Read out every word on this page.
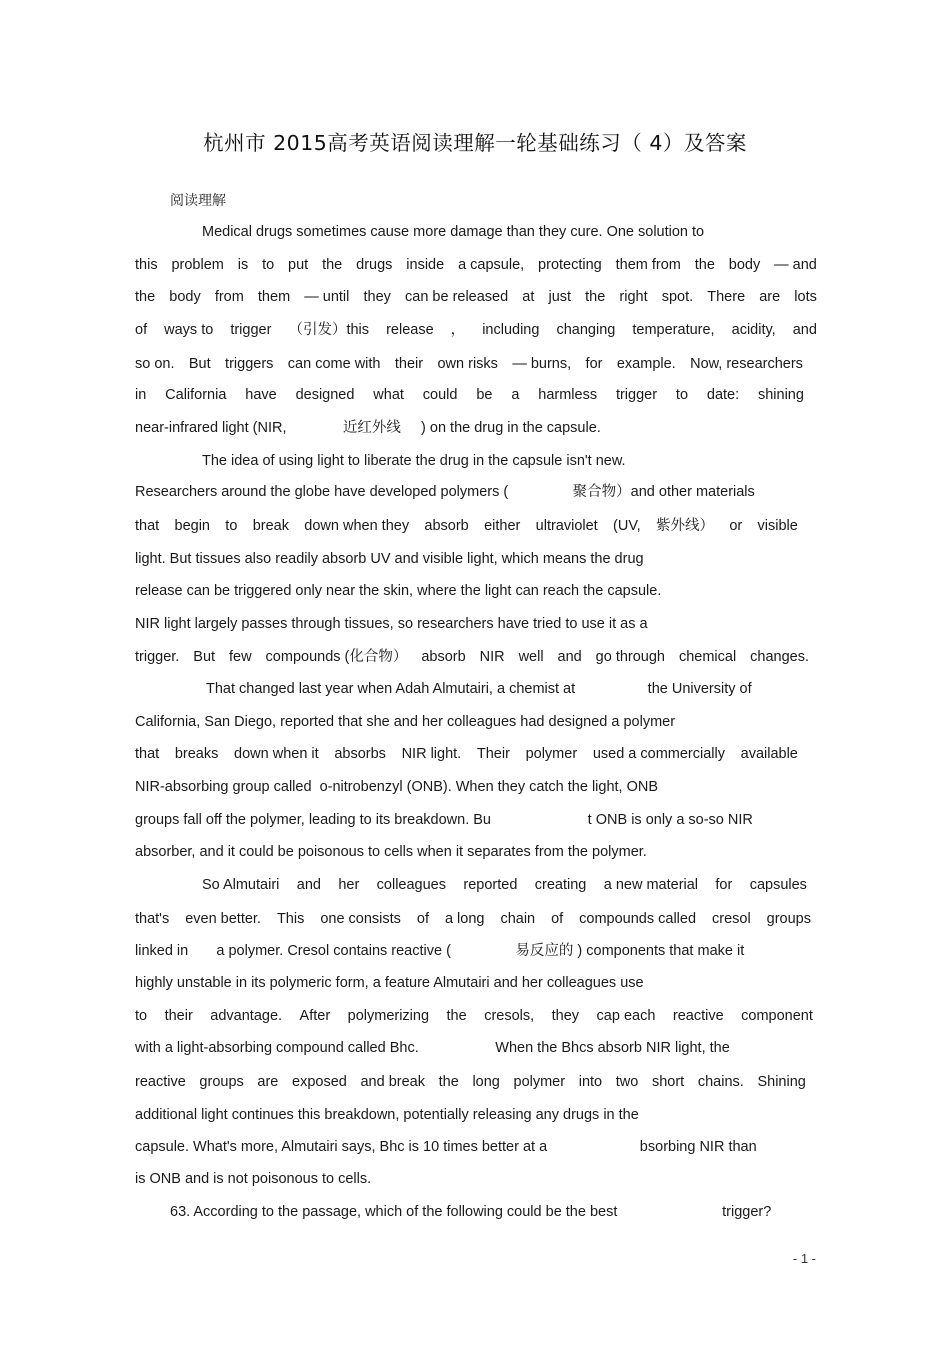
杭州市 2015高考英语阅读理解一轮基础练习（ 4）及答案
阅读理解
Medical drugs sometimes cause more damage than they cure. One solution to
this problem is to put the drugs inside a capsule, protecting them from the body — and
the body from them — until they can be released at just the right spot. There are lots
of ways to trigger （引发）this release ， including changing temperature, acidity, and
so on. But triggers can come with their own risks — burns, for example. Now, researchers
in California have designed what could be a harmless trigger to date: shining
near-infrared light (NIR,              近红外线     ) on the drug in the capsule.
The idea of using light to liberate the drug in the capsule isn't new.
Researchers around the globe have developed polymers (                聚合物）and other materials
that begin to break down when they absorb either ultraviolet (UV, 紫外线） or visible
light. But tissues also readily absorb UV and visible light, which means the drug
release can be triggered only near the skin, where the light can reach the capsule.
NIR light largely passes through tissues, so researchers have tried to use it as a
trigger. But few compounds (化合物） absorb NIR well and go through chemical changes.
That changed last year when Adah Almutairi, a chemist at                  the University of
California, San Diego, reported that she and her colleagues had designed a polymer
that breaks down when it absorbs NIR light. Their polymer used a commercially available
NIR-absorbing group called  o-nitrobenzyl (ONB). When they catch the light, ONB
groups fall off the polymer, leading to its breakdown. Bu                        t ONB is only a so-so NIR
absorber, and it could be poisonous to cells when it separates from the polymer.
So Almutairi and her colleagues reported creating a new material for capsules
that's even better. This one consists of a long chain of compounds called cresol groups
linked in       a polymer. Cresol contains reactive (                易反应的 ) components that make it
highly unstable in its polymeric form, a feature Almutairi and her colleagues use
to their advantage. After polymerizing the cresols, they cap each reactive component
with a light-absorbing compound called Bhc.                   When the Bhcs absorb NIR light, the
reactive groups are exposed and break the long polymer into two short chains. Shining
additional light continues this breakdown, potentially releasing any drugs in the
capsule. What's more, Almutairi says, Bhc is 10 times better at a                       bsorbing NIR than
is ONB and is not poisonous to cells.
63. According to the passage, which of the following could be the best                          trigger?
- 1 -
